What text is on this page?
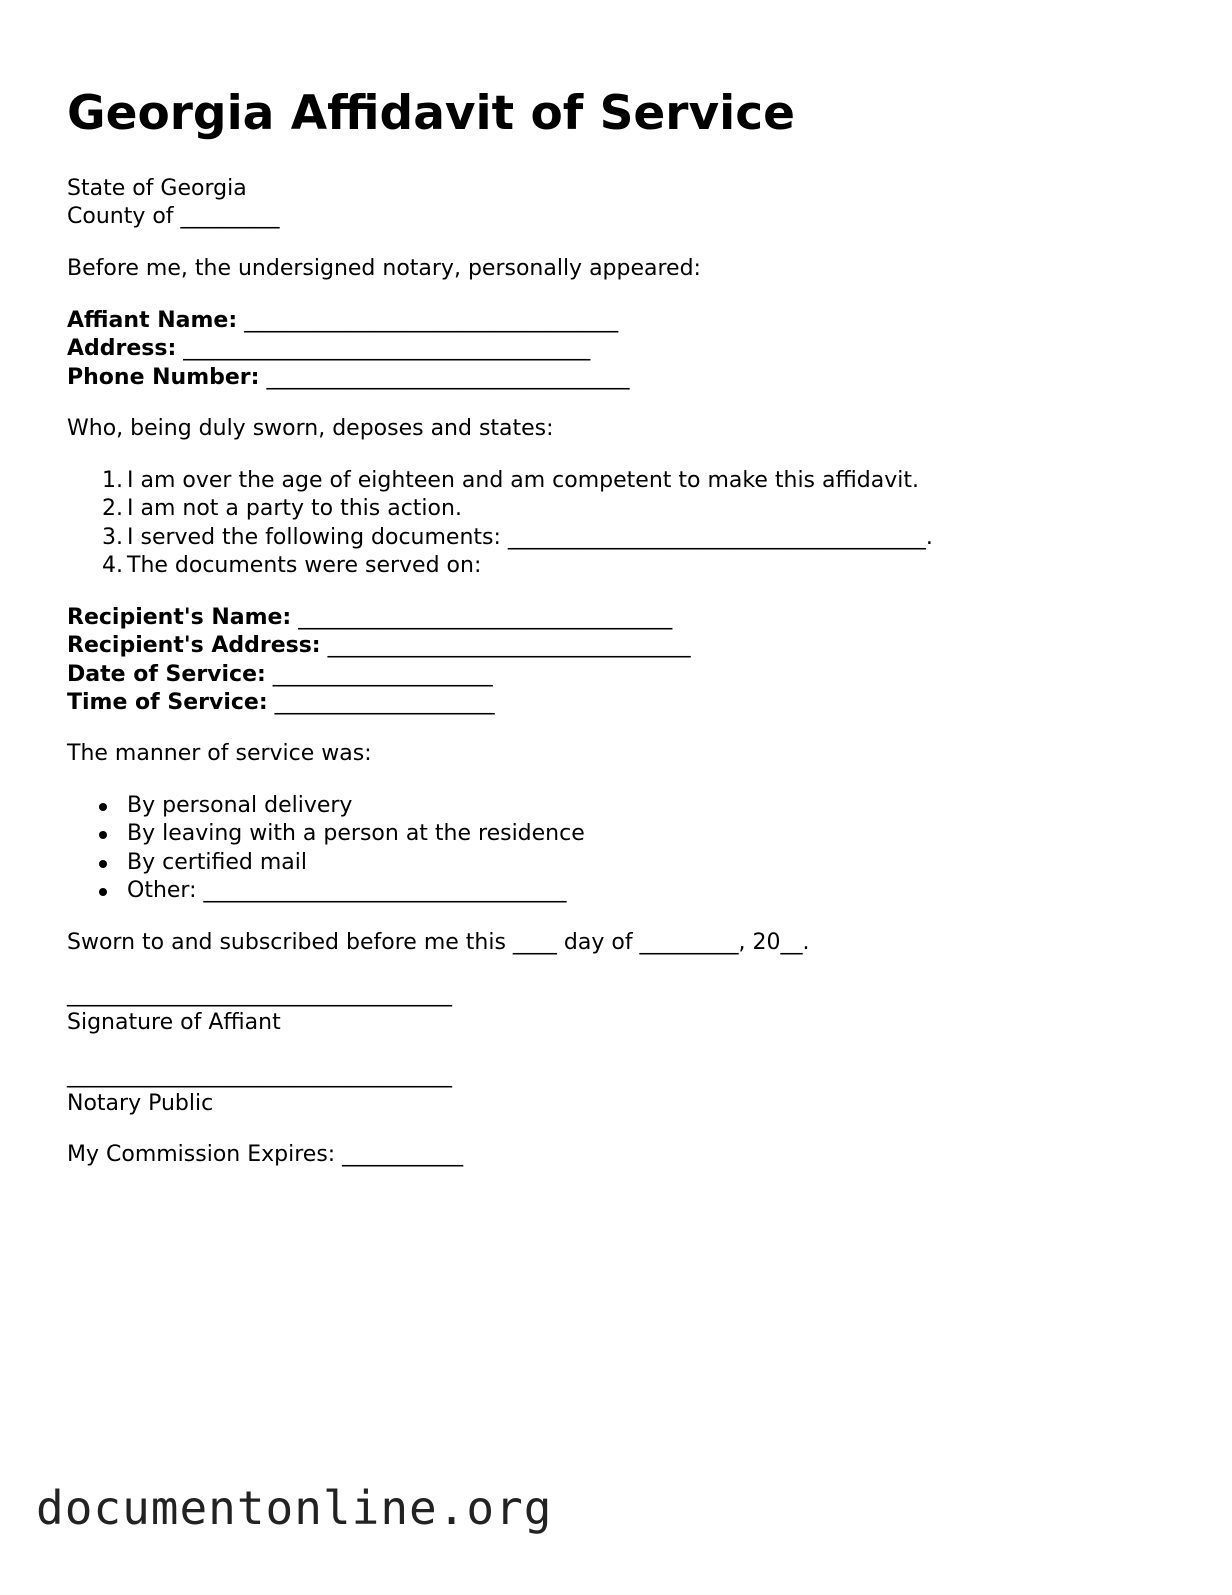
Georgia Affidavit of Service
State of Georgia
County of _________
Before me, the undersigned notary, personally appeared:
Affiant Name: __________________________________
Address: _____________________________________
Phone Number: _________________________________
Who, being duly sworn, deposes and states:
1. I am over the age of eighteen and am competent to make this affidavit.
2. I am not a party to this action.
3. I served the following documents: ______________________________________.
4. The documents were served on:
Recipient's Name: __________________________________
Recipient's Address: _________________________________
Date of Service: ____________________
Time of Service: ____________________
The manner of service was:
By personal delivery
By leaving with a person at the residence
By certified mail
Other: _________________________________
Sworn to and subscribed before me this ____ day of _________, 20__.
___________________________________
Signature of Affiant
___________________________________
Notary Public
My Commission Expires: ___________
documentonline.org
